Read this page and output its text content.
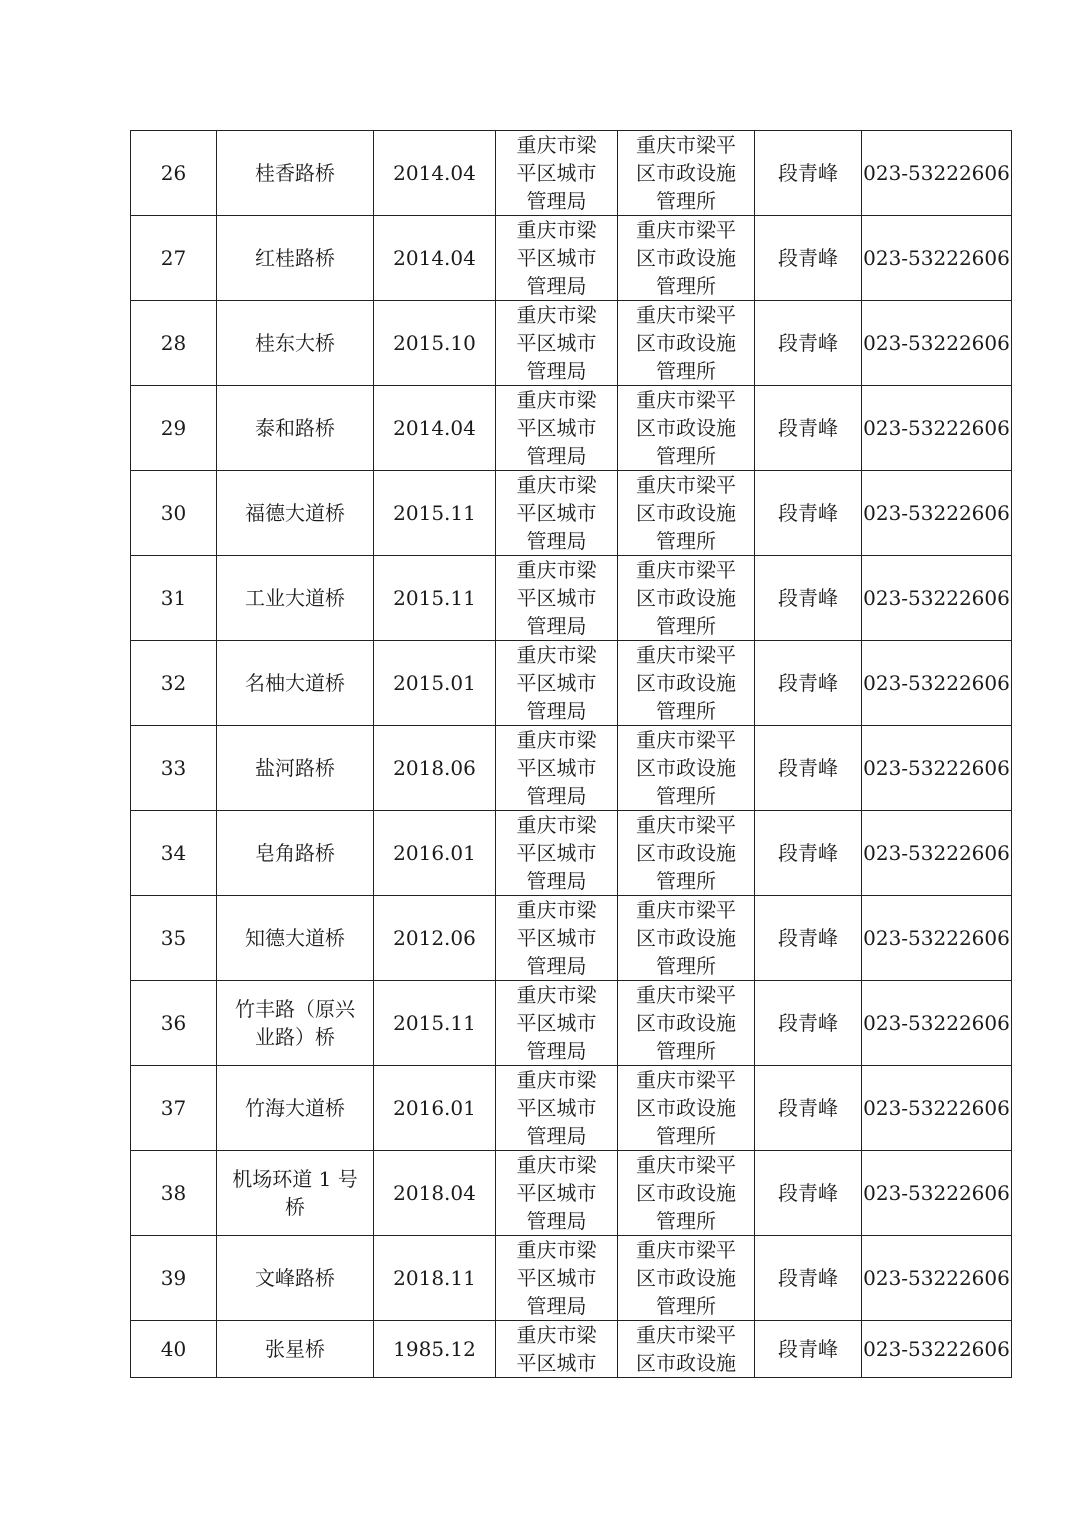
26	桂香路桥	2014.04	重庆市梁平区城市管理局	重庆市梁平区市政设施管理所	段青峰	023-53222606
27	红桂路桥	2014.04	重庆市梁平区城市管理局	重庆市梁平区市政设施管理所	段青峰	023-53222606
28	桂东大桥	2015.10	重庆市梁平区城市管理局	重庆市梁平区市政设施管理所	段青峰	023-53222606
29	泰和路桥	2014.04	重庆市梁平区城市管理局	重庆市梁平区市政设施管理所	段青峰	023-53222606
30	福德大道桥	2015.11	重庆市梁平区城市管理局	重庆市梁平区市政设施管理所	段青峰	023-53222606
31	工业大道桥	2015.11	重庆市梁平区城市管理局	重庆市梁平区市政设施管理所	段青峰	023-53222606
32	名柚大道桥	2015.01	重庆市梁平区城市管理局	重庆市梁平区市政设施管理所	段青峰	023-53222606
33	盐河路桥	2018.06	重庆市梁平区城市管理局	重庆市梁平区市政设施管理所	段青峰	023-53222606
34	皂角路桥	2016.01	重庆市梁平区城市管理局	重庆市梁平区市政设施管理所	段青峰	023-53222606
35	知德大道桥	2012.06	重庆市梁平区城市管理局	重庆市梁平区市政设施管理所	段青峰	023-53222606
36	竹丰路（原兴业路）桥	2015.11	重庆市梁平区城市管理局	重庆市梁平区市政设施管理所	段青峰	023-53222606
37	竹海大道桥	2016.01	重庆市梁平区城市管理局	重庆市梁平区市政设施管理所	段青峰	023-53222606
38	机场环道 1 号桥	2018.04	重庆市梁平区城市管理局	重庆市梁平区市政设施管理所	段青峰	023-53222606
39	文峰路桥	2018.11	重庆市梁平区城市管理局	重庆市梁平区市政设施管理所	段青峰	023-53222606
40	张星桥	1985.12	重庆市梁平区城市	重庆市梁平区市政设施	段青峰	023-53222606
